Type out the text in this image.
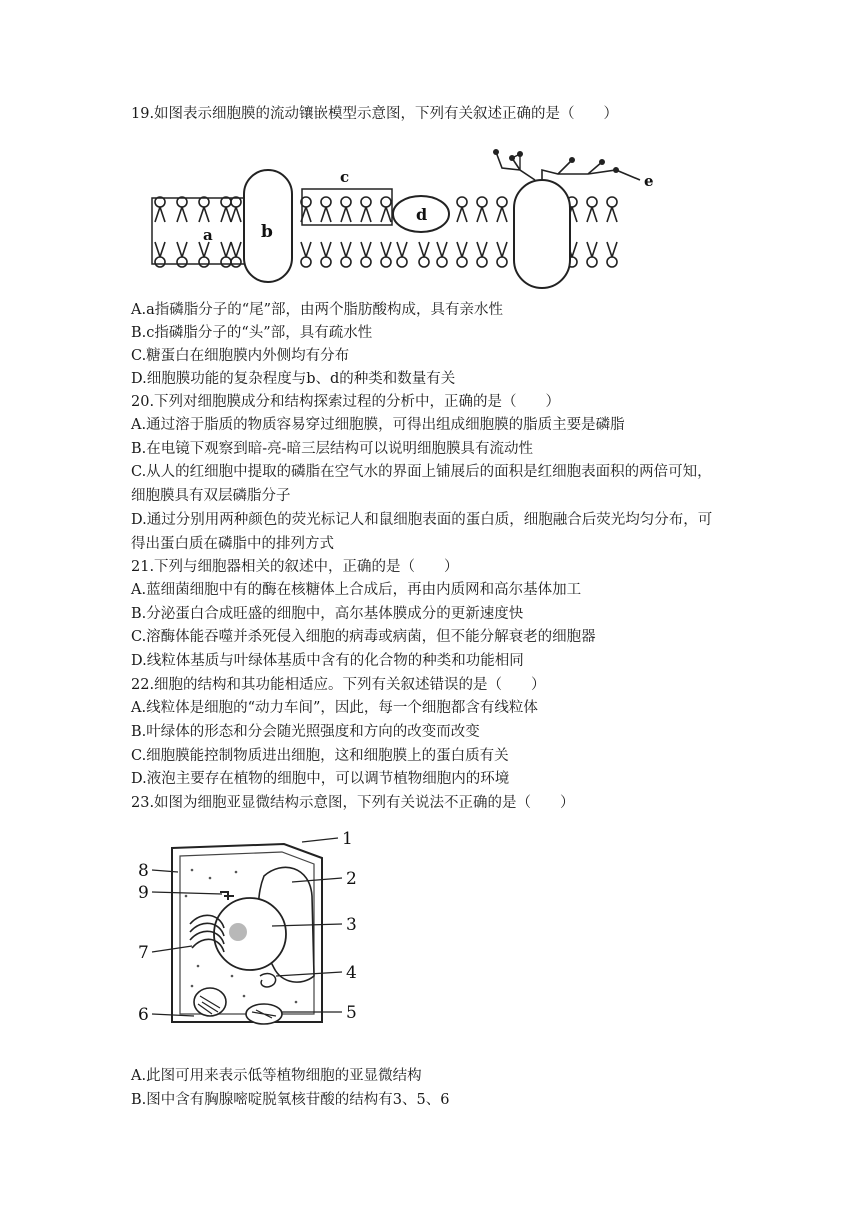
19.如图表示细胞膜的流动镶嵌模型示意图，下列有关叙述正确的是（　　）
a	b
c
d
e
A.a指磷脂分子的“尾”部，由两个脂肪酸构成，具有亲水性
B.c指磷脂分子的“头”部，具有疏水性
C.糖蛋白在细胞膜内外侧均有分布
D.细胞膜功能的复杂程度与b、d的种类和数量有关
20.下列对细胞膜成分和结构探索过程的分析中，正确的是（　　）
A.通过溶于脂质的物质容易穿过细胞膜，可得出组成细胞膜的脂质主要是磷脂
B.在电镜下观察到暗-亮-暗三层结构可以说明细胞膜具有流动性
C.从人的红细胞中提取的磷脂在空气水的界面上铺展后的面积是红细胞表面积的两倍可知，
细胞膜具有双层磷脂分子
D.通过分别用两种颜色的荧光标记人和鼠细胞表面的蛋白质，细胞融合后荧光均匀分布，可
得出蛋白质在磷脂中的排列方式
21.下列与细胞器相关的叙述中，正确的是（　　）
A.蓝细菌细胞中有的酶在核糖体上合成后，再由内质网和高尔基体加工
B.分泌蛋白合成旺盛的细胞中，高尔基体膜成分的更新速度快
C.溶酶体能吞噬并杀死侵入细胞的病毒或病菌，但不能分解衰老的细胞器
D.线粒体基质与叶绿体基质中含有的化合物的种类和功能相同
22.细胞的结构和其功能相适应。下列有关叙述错误的是（　　）
A.线粒体是细胞的“动力车间”，因此，每一个细胞都含有线粒体
B.叶绿体的形态和分会随光照强度和方向的改变而改变
C.细胞膜能控制物质进出细胞，这和细胞膜上的蛋白质有关
D.液泡主要存在植物的细胞中，可以调节植物细胞内的环境
23.如图为细胞亚显微结构示意图，下列有关说法不正确的是（　　）
1
2
3
4
5
6
7
8
9
A.此图可用来表示低等植物细胞的亚显微结构
B.图中含有胸腺嘧啶脱氧核苷酸的结构有3、5、6
